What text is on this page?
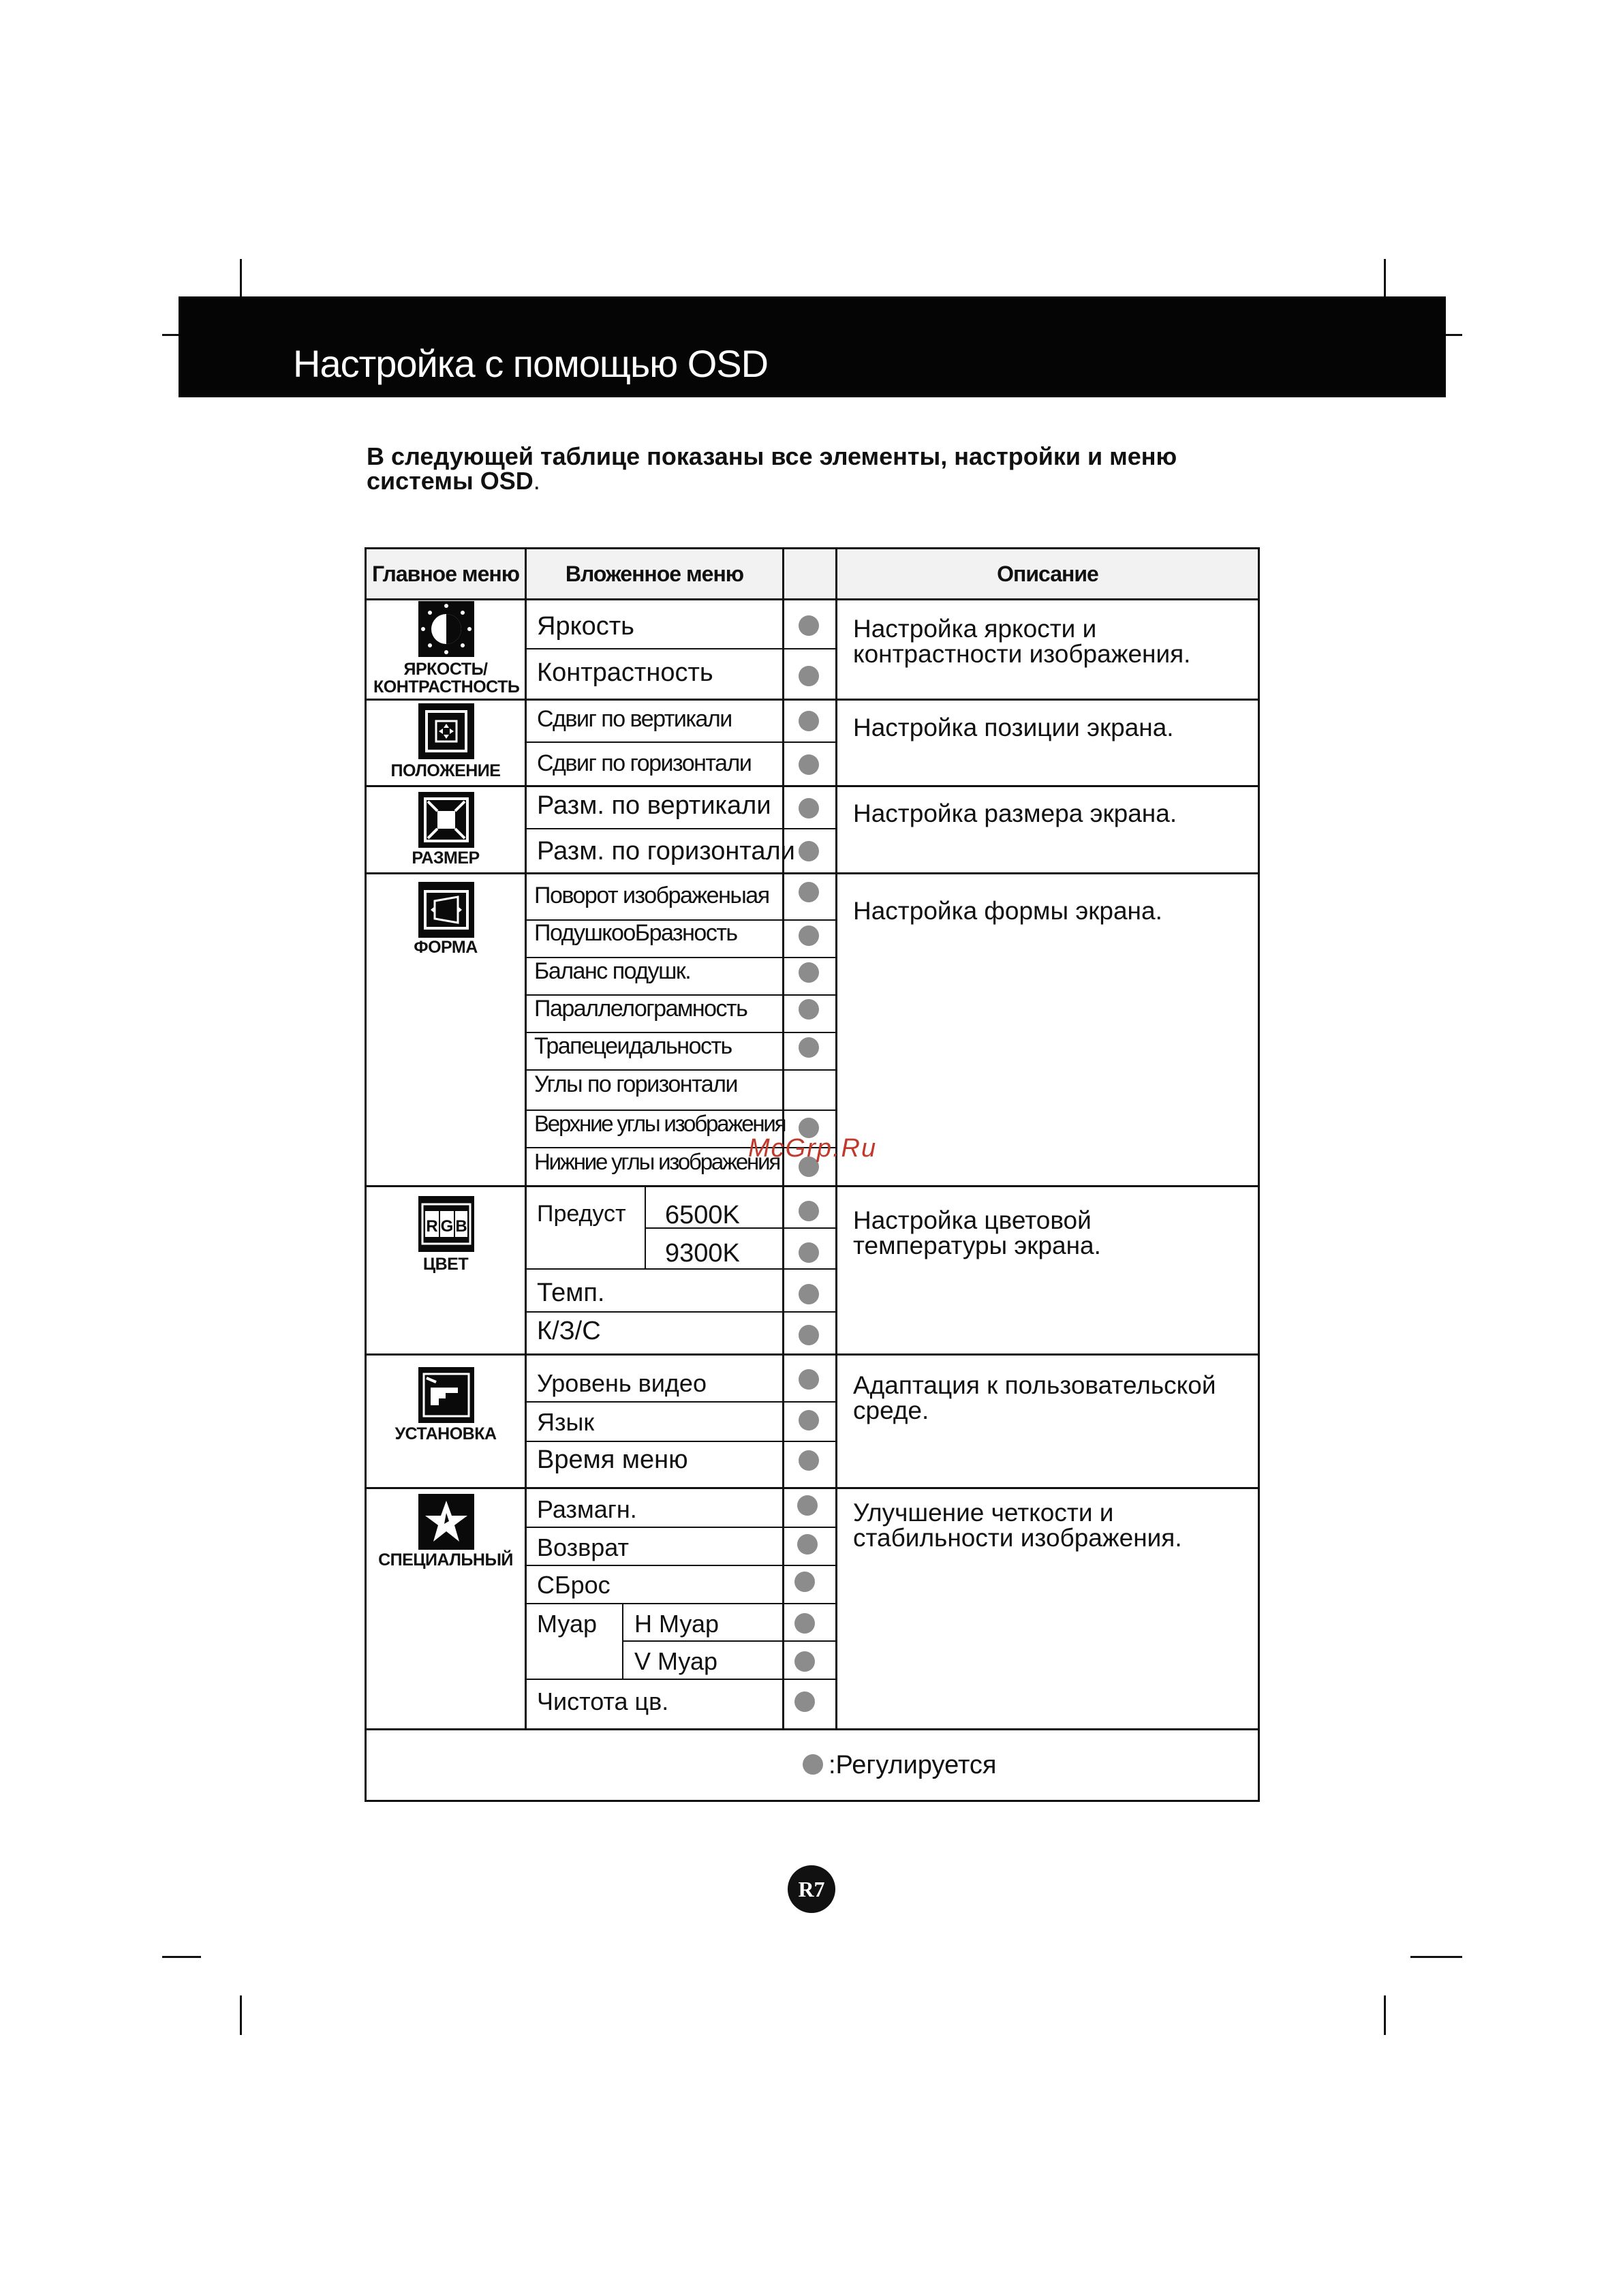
Настройка с помощью OSD
В следующей таблице показаны все элементы, настройки и меню системы OSD.
Главное меню	Вложенное меню	Описание
ЯРКОСТЬ/ КОНТРАСТНОСТЬ
Яркость
Контрастность
Настройка яркости и контрастности изображения.
ПОЛОЖЕНИЕ
Сдвиг по вертикали
Сдвиг по горизонтали
Настройка позиции экрана.
РАЗМЕР
Разм. по вертикали
Разм. по горизонтали
Настройка размера экрана.
ФОРМА
Поворот изображеныая
ПодушкооБразность
Баланс подушк.
Параллелограмность
Трапецеидальность
Углы по горизонтали
Верхние углы изображения
Нижние углы изображения
Настройка формы экрана.
R G B
ЦВЕТ
Предуст 6500K
9300K
Темп.
К/З/С
Настройка цветовой температуры экрана.
УСТАНОВКА
Уровень видео
Язык
Время меню
Адаптация к пользовательской среде.
СПЕЦИАЛЬНЫЙ
Размагн.
Возврат
СБрос
Муар Н Муар
V Муар
Чистота цв.
Улучшение четкости и стабильности изображения.
:Регулируется
McGrp.Ru
R7
